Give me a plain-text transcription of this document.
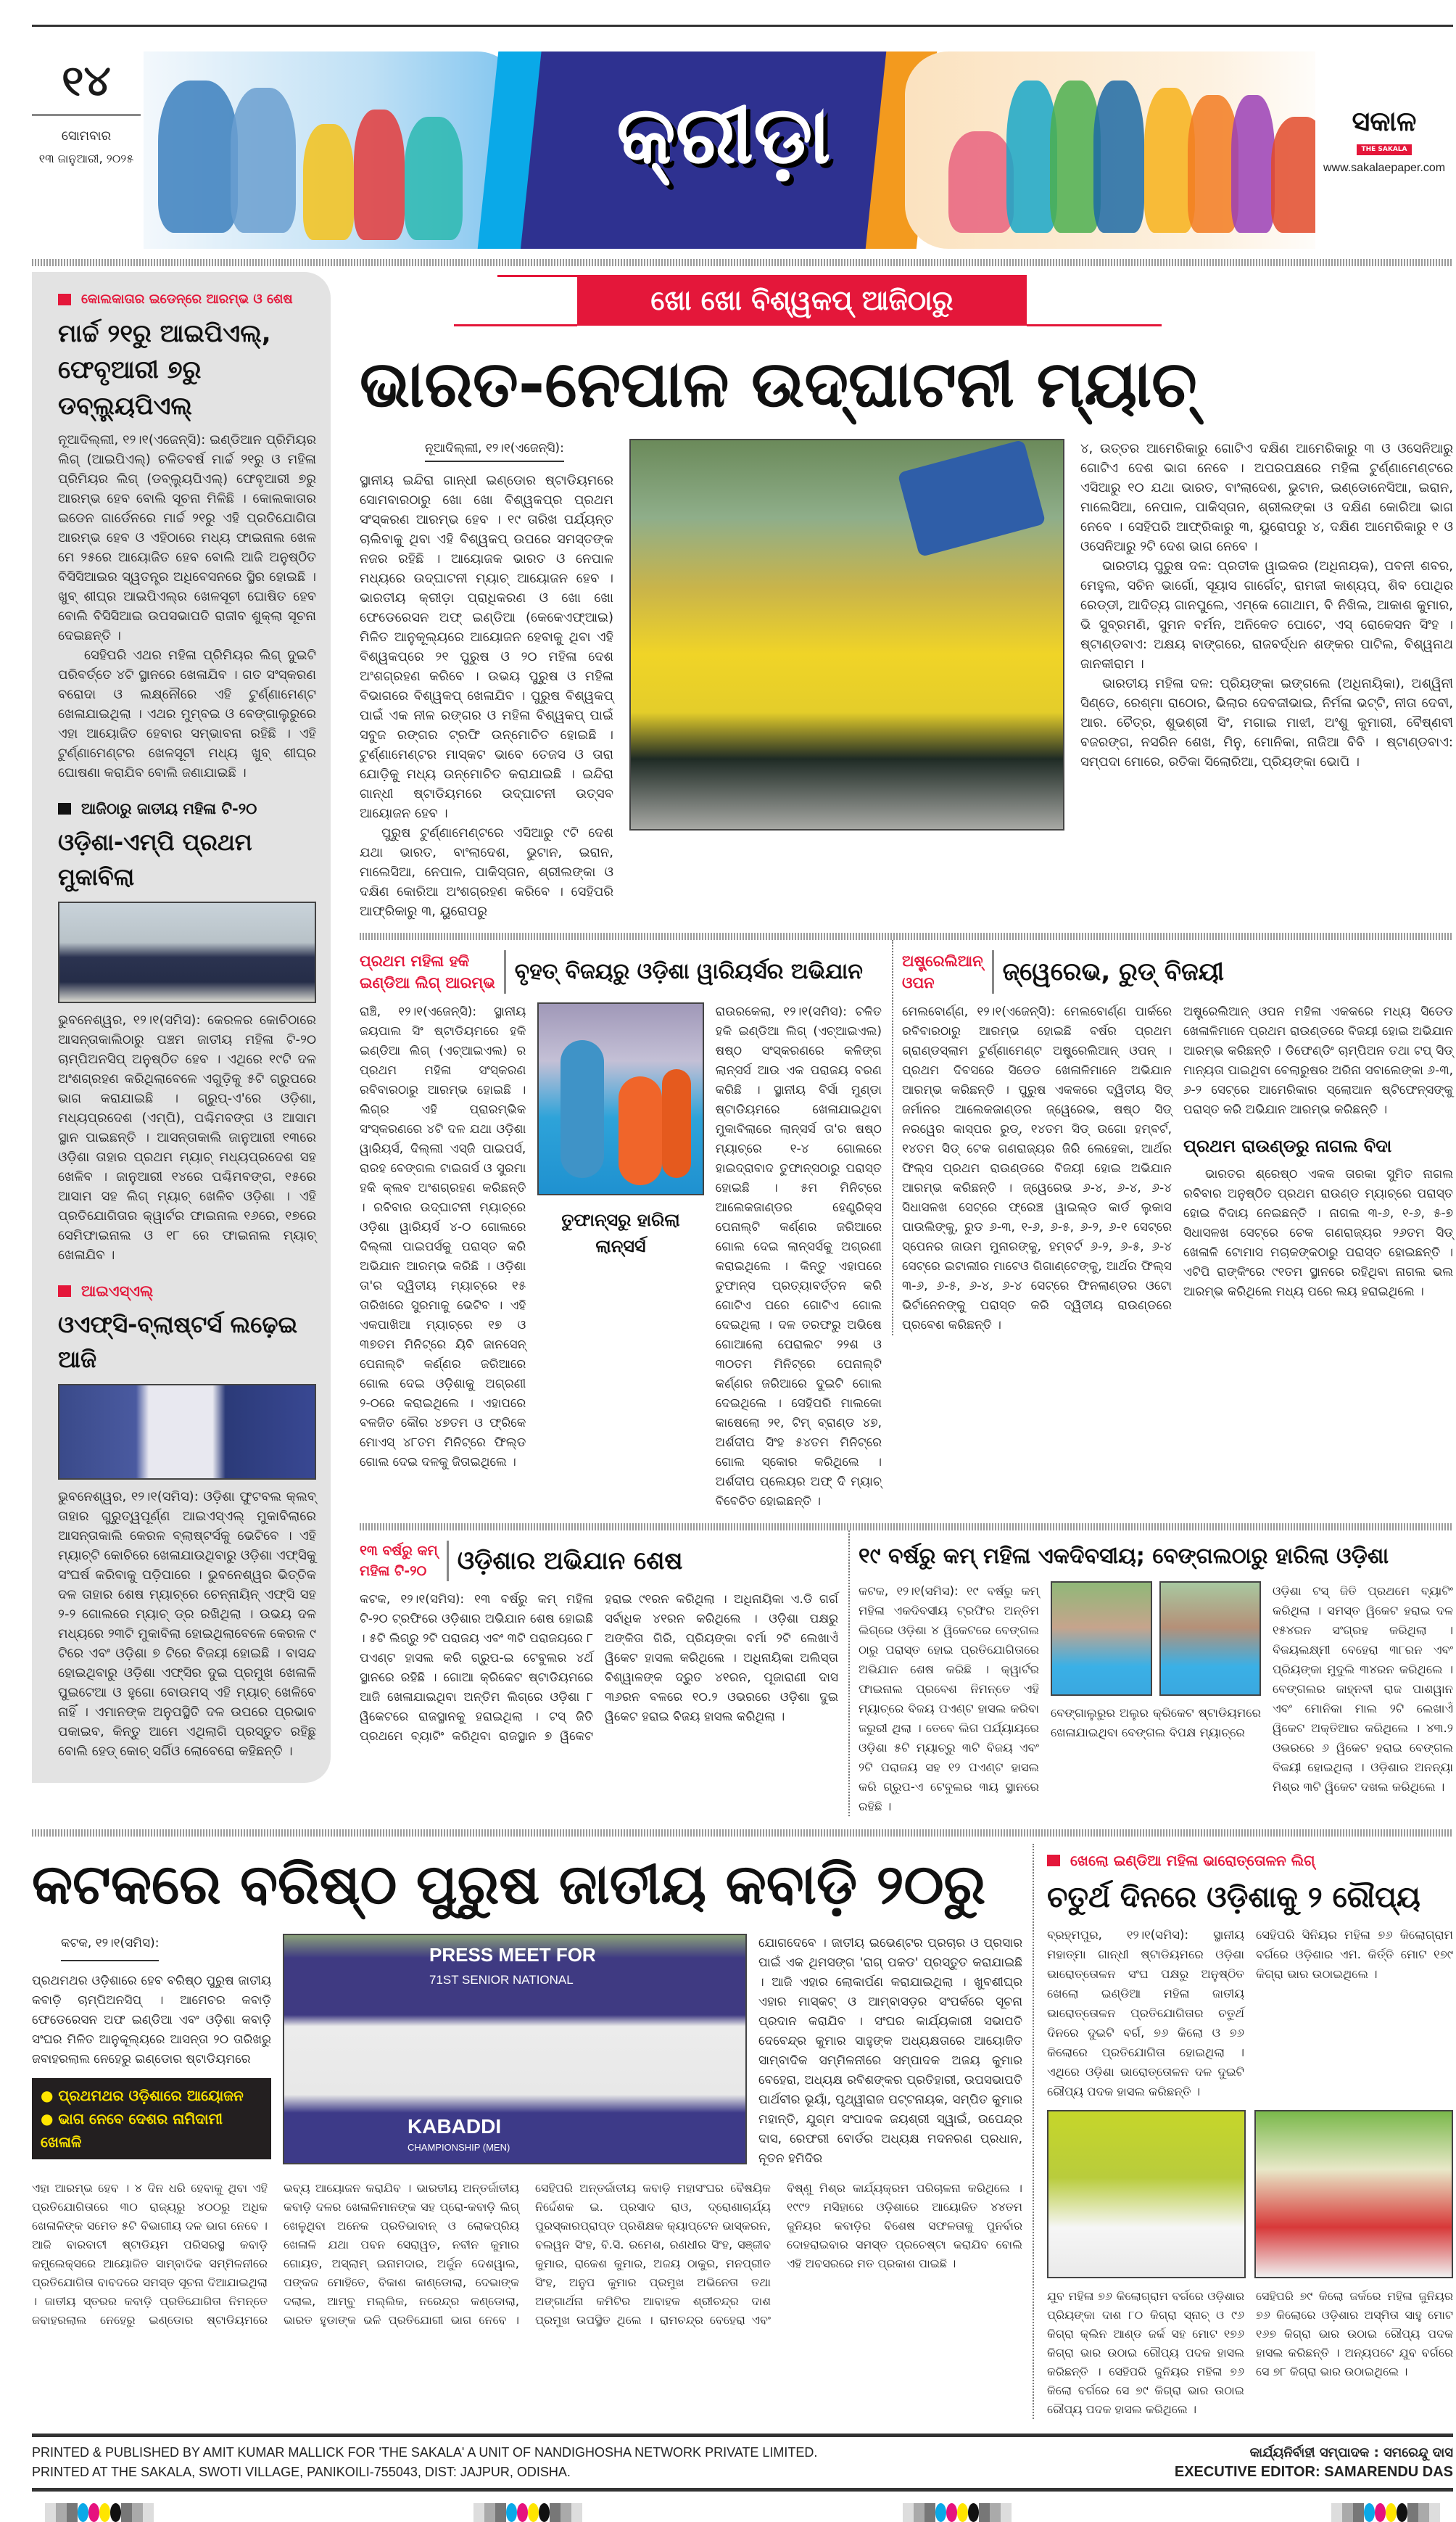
୧୪
ସୋମବାର
୧୩ ଜାନୁଆରୀ, ୨୦୨୫	କ୍ରୀଡ଼ା	ସକାଳ
THE SAKALA
www.sakalaepaper.com
କୋଲକାତାର ଇଡେନ୍‌ରେ ଆରମ୍ଭ ଓ ଶେଷ
ମାର୍ଚ୍ଚ ୨୧ରୁ ଆଇପିଏଲ୍,
ଫେବୃଆରୀ ୭ରୁ ଡବ୍ଲ୍ୟୁପିଏଲ୍
ନୂଆଦିଲ୍ଲୀ, ୧୨।୧(ଏଜେନ୍ସି): ଇଣ୍ଡିଆନ ପ୍ରିମିୟର ଲିଗ୍ (ଆଇପିଏଲ୍) ଚଳିତବର୍ଷ ମାର୍ଚ୍ଚ ୨୧ରୁ ଓ ମହିଳା ପ୍ରିମିୟର ଲିଗ୍ (ଡବ୍ଲ୍ୟୁପିଏଲ୍) ଫେବୃଆରୀ ୭ରୁ ଆରମ୍ଭ ହେବ ବୋଲି ସୂଚନା ମିଳିଛି । କୋଲକାତାର ଇଡେନ ଗାର୍ଡେନରେ ମାର୍ଚ୍ଚ ୨୧ରୁ ଏହି ପ୍ରତିଯୋଗିତା ଆରମ୍ଭ ହେବ ଓ ଏହିଠାରେ ମଧ୍ୟ ଫାଇନାଲ ଖେଳ ମେ ୨୫ରେ ଆୟୋଜିତ ହେବ ବୋଲି ଆଜି ଅନୁଷ୍ଠିତ ବିସିସିଆଇର ସ୍ୱତନ୍ତ୍ର ଅଧିବେସନରେ ସ୍ଥିର ହୋଇଛି । ଖୁବ୍ ଶୀଘ୍ର ଆଇପିଏଲ୍‌ର ଖେଳସୂଚୀ ଘୋଷିତ ହେବ ବୋଲି ବିସିସିଆଇ ଉପସଭାପତି ରାଜୀବ ଶୁକ୍ଲା ସୂଚନା ଦେଇଛନ୍ତି ।
ସେହିପରି ଏଥର ମହିଳା ପ୍ରିମିୟର ଲିଗ୍ ଦୁଇଟି ପରିବର୍ତ୍ତେ ୪ଟି ସ୍ଥାନରେ ଖେଳାଯିବ । ଗତ ସଂସ୍କରଣ ବରୋଦା ଓ ଲକ୍ଷ୍ନୌରେ ଏହି ଟୁର୍ଣ୍ଣାମେଣ୍ଟ ଖେଳାଯାଇଥିଲା । ଏଥର ମୁମ୍ବଇ ଓ ବେଙ୍ଗାଲୁରୁରେ ଏହା ଆୟୋଜିତ ହେବାର ସମ୍ଭାବନା ରହିଛି । ଏହି ଟୁର୍ଣ୍ଣାମେଣ୍ଟର ଖେଳସୂଚୀ ମଧ୍ୟ ଖୁବ୍ ଶୀଘ୍ର ଘୋଷଣା କରାଯିବ ବୋଲି ଜଣାଯାଇଛି ।
ଆଜିଠାରୁ ଜାତୀୟ ମହିଳା ଟି-୨୦
ଓଡ଼ିଶା-ଏମ୍‌ପି ପ୍ରଥମ ମୁକାବିଲା
ଭୁବନେଶ୍ୱର, ୧୨।୧(ସମିସ): କେରଳର କୋଚିଠାରେ ଆସନ୍ତାକାଲିଠାରୁ ପଞ୍ଚମ ଜାତୀୟ ମହିଳା ଟି-୨୦ ଚାମ୍ପିଅନସିପ୍ ଅନୁଷ୍ଠିତ ହେବ । ଏଥିରେ ୧୯ଟି ଦଳ ଅଂଶଗ୍ରହଣ କରିଥିଲାବେଳେ ଏଗୁଡ଼ିକୁ ୫ଟି ଗ୍ରୁପରେ ଭାଗ କରାଯାଇଛି । ଗ୍ରୁପ୍-ଏ'ରେ ଓଡ଼ିଶା, ମଧ୍ୟପ୍ରଦେଶ (ଏମ୍‌ପି), ପଶ୍ଚିମବଙ୍ଗ ଓ ଆସାମ ସ୍ଥାନ ପାଇଛନ୍ତି । ଆସନ୍ତାକାଲି ଜାନୁଆରୀ ୧୩ରେ ଓଡ଼ିଶା ତାହାର ପ୍ରଥମ ମ୍ୟାଚ୍ ମଧ୍ୟପ୍ରଦେଶ ସହ ଖେଳିବ । ଜାନୁଆରୀ ୧୪ରେ ପଶ୍ଚିମବଙ୍ଗ, ୧୫ରେ ଆସାମ ସହ ଲିଗ୍ ମ୍ୟାଚ୍ ଖେଳିବ ଓଡ଼ିଶା । ଏହି ପ୍ରତିଯୋଗିତାର କ୍ୱାର୍ଟର ଫାଇନାଲ ୧୬ରେ, ୧୭ରେ ସେମିଫାଇନାଲ ଓ ୧୮ ରେ ଫାଇନାଲ ମ୍ୟାଚ୍ ଖେଳାଯିବ ।
ଆଇଏସ୍‌ଏଲ୍
ଓଏଫ୍‌ସି-ବ୍ଲାଷ୍ଟର୍ସ ଲଢ଼େଇ ଆଜି
ଭୁବନେଶ୍ୱର, ୧୨।୧(ସମିସ): ଓଡ଼ିଶା ଫୁଟବଲ କ୍ଲବ୍ ତାହାର ଗୁରୁତ୍ୱପୂର୍ଣ୍ଣ ଆଇଏସ୍‌ଏଲ୍ ମୁକାବିଲାରେ ଆସନ୍ତାକାଲି କେରଳ ବ୍ଲାଷ୍ଟର୍ସକୁ ଭେଟିବେ । ଏହି ମ୍ୟାଚ୍‌ଟି କୋଚିରେ ଖେଳାଯାଉଥିବାରୁ ଓଡ଼ିଶା ଏଫ୍‌ସିକୁ ସଂଘର୍ଷ କରିବାକୁ ପଡ଼ିପାରେ । ଭୁବନେଶ୍ୱର ଭିତ୍ତିକ ଦଳ ତାହାର ଶେଷ ମ୍ୟାଚ୍‌ରେ ଚେନ୍ନାୟିନ୍ ଏଫ୍‌ସି ସହ ୨-୨ ଗୋଲରେ ମ୍ୟାଚ୍ ଡ୍ର ରଖିଥିଲା । ଉଭୟ ଦଳ ମଧ୍ୟରେ ୨୩ଟି ମୁକାବିଲା ହୋଇଥିଲାବେଳେ କେରଳ ୯ ଟିରେ ଏବଂ ଓଡ଼ିଶା ୭ ଟିରେ ବିଜୟୀ ହୋଇଛି । ବାସନ୍ଦ ହୋଇଥିବାରୁ ଓଡ଼ିଶା ଏଫ୍‌ସିର ଦୁଇ ପ୍ରମୁଖ ଖେଳାଳି ପୁଇଟେଆ ଓ ହୁଗୋ ବୋଉମସ୍ ଏହି ମ୍ୟାଚ୍ ଖେଳିବେ ନାହିଁ । ଏମାନଙ୍କ ଅନୁପସ୍ଥିତି ଦଳ ଉପରେ ପ୍ରଭାବ ପକାଇବ, କିନ୍ତୁ ଆମେ ଏଥିଲାଗି ପ୍ରସ୍ତୁତ ରହିଛୁ ବୋଲି ହେଡ୍ କୋଚ୍ ସର୍ଗିଓ ଲୋବେରୋ କହିଛନ୍ତି ।
ଖୋ ଖୋ ବିଶ୍ୱକପ୍ ଆଜିଠାରୁ
ଭାରତ-ନେପାଳ ଉଦ୍‌ଘାଟନୀ ମ୍ୟାଚ୍
ନୂଆଦିଲ୍ଲୀ, ୧୨।୧(ଏଜେନ୍ସି):
ସ୍ଥାନୀୟ ଇନ୍ଦିରା ଗାନ୍ଧୀ ଇଣ୍ଡୋର ଷ୍ଟାଡିୟମରେ ସୋମବାରଠାରୁ ଖୋ ଖୋ ବିଶ୍ୱକପ୍‌ର ପ୍ରଥମ ସଂସ୍କରଣ ଆରମ୍ଭ ହେବ । ୧୯ ତାରିଖ ପର୍ଯ୍ୟନ୍ତ ଚାଲିବାକୁ ଥିବା ଏହି ବିଶ୍ୱକପ୍ ଉପରେ ସମସ୍ତଙ୍କ ନଜର ରହିଛି । ଆୟୋଜକ ଭାରତ ଓ ନେପାଳ ମଧ୍ୟରେ ଉଦ୍‌ଘାଟନୀ ମ୍ୟାଚ୍ ଆୟୋଜନ ହେବ । ଭାରତୀୟ କ୍ରୀଡ଼ା ପ୍ରାଧିକରଣ ଓ ଖୋ ଖୋ ଫେଡେରେସନ ଅଫ୍ ଇଣ୍ଡିଆ (କେକେଏଫ୍‌ଆଇ) ମିଳିତ ଆନୁକୂଲ୍ୟରେ ଆୟୋଜନ ହେବାକୁ ଥିବା ଏହି ବିଶ୍ୱକପ୍‌ରେ ୨୧ ପୁରୁଷ ଓ ୨୦ ମହିଳା ଦେଶ ଅଂଶଗ୍ରହଣ କରିବେ । ଉଭୟ ପୁରୁଷ ଓ ମହିଳା ବିଭାଗରେ ବିଶ୍ୱକପ୍ ଖେଳାଯିବ । ପୁରୁଷ ବିଶ୍ୱକପ୍ ପାଇଁ ଏକ ନୀଳ ରଙ୍ଗର ଓ ମହିଳା ବିଶ୍ୱକପ୍ ପାଇଁ ସବୁଜ ରଙ୍ଗର ଟ୍ରଫି ଉନ୍ମୋଚିତ ହୋଇଛି । ଟୁର୍ଣ୍ଣାମେଣ୍ଟର ମାସ୍କଟ ଭାବେ ତେଜସ ଓ ତାରା ଯୋଡ଼ିକୁ ମଧ୍ୟ ଉନ୍ମୋଚିତ କରାଯାଇଛି । ଇନ୍ଦିରା ଗାନ୍ଧୀ ଷ୍ଟାଡିୟମରେ ଉଦ୍‌ଘାଟନୀ ଉତ୍ସବ ଆୟୋଜନ ହେବ ।
ପୁରୁଷ ଟୁର୍ଣ୍ଣାମେଣ୍ଟରେ ଏସିଆରୁ ୯ଟି ଦେଶ ଯଥା ଭାରତ, ବାଂଲାଦେଶ, ଭୁଟାନ, ଇରାନ, ମାଲେସିଆ, ନେପାଳ, ପାକିସ୍ତାନ, ଶ୍ରୀଲଙ୍କା ଓ ଦକ୍ଷିଣ କୋରିଆ ଅଂଶଗ୍ରହଣ କରିବେ । ସେହିପରି ଆଫ୍ରିକାରୁ ୩, ୟୁରୋପରୁ
୪, ଉତ୍ତର ଆମେରିକାରୁ ଗୋଟିଏ ଦକ୍ଷିଣ ଆମେରିକାରୁ ୩ ଓ ଓସେନିଆରୁ ଗୋଟିଏ ଦେଶ ଭାଗ ନେବେ । ଅପରପକ୍ଷରେ ମହିଳା ଟୁର୍ଣ୍ଣାମେଣ୍ଟରେ ଏସିଆରୁ ୧୦ ଯଥା ଭାରତ, ବାଂଲାଦେଶ, ଭୁଟାନ, ଇଣ୍ଡୋନେସିଆ, ଇରାନ, ମାଲେସିଆ, ନେପାଳ, ପାକିସ୍ତାନ, ଶ୍ରୀଲଙ୍କା ଓ ଦକ୍ଷିଣ କୋରିଆ ଭାଗ ନେବେ । ସେହିପରି ଆଫ୍ରିକାରୁ ୩, ୟୁରୋପରୁ ୪, ଦକ୍ଷିଣ ଆମେରିକାରୁ ୧ ଓ ଓସେନିଆରୁ ୨ଟି ଦେଶ ଭାଗ ନେବେ ।
ଭାରତୀୟ ପୁରୁଷ ଦଳ: ପ୍ରତୀକ ୱାଇକର (ଅଧିନାୟକ), ପବନୀ ଶବର, ମେହୁଲ, ସଚିନ ଭାର୍ଗୋ, ସୂୟାସ ଗାର୍ଗେଟ୍, ରାମଜୀ କାଶ୍ୟପ୍, ଶିବ ପୋଥିର ରେଡ୍ଡୀ, ଆଦିତ୍ୟ ଗାନପୁଲେ, ଏମ୍‌କେ ଗୋଥାମ, ବି ନିଖିଲ, ଆକାଶ କୁମାର, ଭି ସୁବ୍ରମଣି, ସୁମନ ବର୍ମନ, ଅନିକେତ ପୋଟେ, ଏସ୍ ରୋକେସନ ସିଂହ । ଷ୍ଟାଣ୍ଡବାଏ: ଅକ୍ଷୟ ବାଙ୍ଗରେ, ରାଜବର୍ଦ୍ଧନ ଶଙ୍କର ପାଟିଲ, ବିଶ୍ୱନାଥ ଜାନକୀରାମ ।
ଭାରତୀୟ ମହିଳା ଦଳ: ପ୍ରିୟଙ୍କା ଇଙ୍ଗଲେ (ଅଧିନାୟିକା), ଅଶ୍ୱିନୀ ସିଣ୍ଡେ, ରେଶ୍ମା ରାଠୋର, ଭିଲାର ଦେବଜୀଭାଇ, ନିର୍ମଳା ଭଟ୍ଟି, ନୀତା ଦେବୀ, ଆର. ଚୈତ୍ର, ଶୁଭଶ୍ରୀ ସିଂ, ମଗାଇ ମାଝୀ, ଅଂଶୁ କୁମାରୀ, ବୈଷ୍ଣବୀ ବଜରଙ୍ଗ, ନସରିନ ଶେଖ, ମିନୁ, ମୋନିକା, ନାଜିଆ ବିବି । ଷ୍ଟାଣ୍ଡବାଏ: ସମ୍ପଦା ମୋରେ, ରତିକା ସିଲୋରିଆ, ପ୍ରିୟଙ୍କା ଭୋପି ।
ପ୍ରଥମ ମହିଳା ହକି
ଇଣ୍ଡିଆ ଲିଗ୍ ଆରମ୍ଭ ବୃହତ୍ ବିଜୟରୁ ଓଡ଼ିଶା ୱାରିୟର୍ସର ଅଭିଯାନ
ରାଞ୍ଚି, ୧୨।୧(ଏଜେନ୍ସି): ସ୍ଥାନୀୟ ଜୟପାଲ ସିଂ ଷ୍ଟାଡିୟମରେ ହକି ଇଣ୍ଡିଆ ଲିଗ୍ (ଏଚ୍‌ଆଇଏଲ) ର ପ୍ରଥମ ମହିଳା ସଂସ୍କରଣ ରବିବାରଠାରୁ ଆରମ୍ଭ ହୋଇଛି । ଲିଗ୍‌ର ଏହି ପ୍ରାରମ୍ଭିକ ସଂସ୍କରଣରେ ୪ଟି ଦଳ ଯଥା ଓଡ଼ିଶା ୱାରିୟର୍ସ, ଦିଲ୍ଲୀ ଏସ୍‌ଜି ପାଇପର୍ସ, ରାରହ ବେଙ୍ଗଲ ଟାଇଗର୍ସ ଓ ସୁରମା ହକି କ୍ଲବ ଅଂଶଗ୍ରହଣ କରିଛନ୍ତି । ରବିବାର ଉଦ୍‌ଘାଟନୀ ମ୍ୟାଚ୍‌ରେ ଓଡ଼ିଶା ୱାରିୟର୍ସ ୪-୦ ଗୋଲରେ ଦିଲ୍ଲୀ ପାଇପର୍ସକୁ ପରାସ୍ତ କରି ଅଭିଯାନ ଆରମ୍ଭ କରିଛି । ଓଡ଼ିଶା ତା'ର ଦ୍ୱିତୀୟ ମ୍ୟାଚ୍‌ରେ ୧୫ ତାରିଖରେ ସୁରମାକୁ ଭେଟିବ । ଏହି ଏକପାଖିଆ ମ୍ୟାଚ୍‌ରେ ୧୭ ଓ ୩୭ତମ ମିନିଟ୍‌ରେ ୟିବି ଜାନସେନ୍ ପେନାଲ୍ଟି କର୍ଣ୍ଣର ଜରିଆରେ ଗୋଲ ଦେଇ ଓଡ଼ିଶାକୁ ଅଗ୍ରଣୀ ୨-୦ରେ କରାଇଥିଲେ । ଏହାପରେ ବଳଜିତ କୌର ୪୭ତମ ଓ ଫ୍ରିକେ ମୋଏସ୍ ୪୮ତମ ମିନିଟ୍‌ରେ ଫିଲ୍ଡ ଗୋଲ ଦେଇ ଦଳକୁ ଜିତାଇଥିଲେ ।
ତୁଫାନ୍ସରୁ ହାରିଲା ଲାନ୍ସର୍ସ
ରାଉରକେଲା, ୧୨।୧(ସମିସ): ଚଳିତ ହକି ଇଣ୍ଡିଆ ଲିଗ୍ (ଏଚ୍‌ଆଇଏଲ) ଷଷ୍ଠ ସଂସ୍କରଣରେ କଳିଙ୍ଗ ଲାନ୍ସର୍ସ ଆଉ ଏକ ପରାଜୟ ବରଣ କରିଛି । ସ୍ଥାନୀୟ ବିର୍ସା ମୁଣ୍ଡା ଷ୍ଟାଡିୟମରେ ଖେଳାଯାଇଥିବା ମୁକାବିଲାରେ ଲାନ୍ସର୍ସ ତା'ର ଷଷ୍ଠ ମ୍ୟାଚ୍‌ରେ ୧-୪ ଗୋଲରେ ହାଇଦ୍ରାବାଦ ତୁଫାନ୍ସଠାରୁ ପରାସ୍ତ ହୋଇଛି । ୫ମ ମିନିଟ୍‌ରେ ଆଲେକଜାଣ୍ଡର ହେଣ୍ଡ୍ରିକ୍ସ ପେନାଲ୍ଟି କର୍ଣ୍ଣର ଜରିଆରେ ଗୋଲ ଦେଇ ଲାନ୍ସର୍ସକୁ ଅଗ୍ରଣୀ କରାଇଥିଲେ । କିନ୍ତୁ ଏହାପରେ ତୁଫାନ୍ସ ପ୍ରତ୍ୟାବର୍ତ୍ତନ କରି ଗୋଟିଏ ପରେ ଗୋଟିଏ ଗୋଲ ଦେଇଥିଲା । ଦଳ ତରଫରୁ ଅଭିଷେ ଗୋଆଲୋ ପେରାଲଟ ୨୨ଶ ଓ ୩୦ତମ ମିନିଟ୍‌ରେ ପେନାଲ୍ଟି କର୍ଣ୍ଣର ଜରିଆରେ ଦୁଇଟି ଗୋଲ ଦେଇଥିଲେ । ସେହିପରି ମାଲକୋ କାଷେଲୋ ୨୧, ଟିମ୍ ବ୍ରାଣ୍ଡ ୪୭, ଅର୍ଶଦୀପ ସିଂହ ୫୪ତମ ମିନିଟ୍‌ରେ ଗୋଲ ସ୍କୋର କରିଥିଲେ । ଅର୍ଶଦୀପ ପ୍ଲେୟର ଅଫ୍ ଦି ମ୍ୟାଚ୍ ବିବେଚିତ ହୋଇଛନ୍ତି ।
ଅଷ୍ଟ୍ରେଲିଆନ୍
ଓପନ	ଜ୍ୱେରେଭ, ରୁଡ୍ ବିଜୟୀ
ମେଲବୋର୍ଣ୍ଣ, ୧୨।୧(ଏଜେନ୍ସି): ମେଲବୋର୍ଣ୍ଣ ପାର୍କରେ ରବିବାରଠାରୁ ଆରମ୍ଭ ହୋଇଛି ବର୍ଷର ପ୍ରଥମ ଗ୍ରାଣ୍ଡସ୍ଲାମ ଟୁର୍ଣ୍ଣାମେଣ୍ଟ ଅଷ୍ଟ୍ରେଲିଆନ୍ ଓପନ୍ । ପ୍ରଥମ ଦିବସରେ ସିଡେଡ ଖେଳାଳିମାନେ ଅଭିଯାନ ଆରମ୍ଭ କରିଛନ୍ତି । ପୁରୁଷ ଏକକରେ ଦ୍ୱିତୀୟ ସିଡ୍ ଜର୍ମାନର ଆଲେକଜାଣ୍ଡର ଜ୍ୱେରେଭ, ଷଷ୍ଠ ସିଡ୍ ନରୱେର କାସ୍ପର ରୁଡ୍, ୧୪ତମ ସିଡ୍ ଉଗୋ ହମ୍ବର୍ଟ, ୧୪ତମ ସିଡ୍ ଟେକ ଗଣରାଜ୍ୟର ଜିରି ଲେହେକା, ଆର୍ଥର ଫିଲ୍ସ ପ୍ରଥମ ରାଉଣ୍ଡରେ ବିଜୟୀ ହୋଇ ଅଭିଯାନ ଆରମ୍ଭ କରିଛନ୍ତି । ଜ୍ୱେରେଭ ୬-୪, ୬-୪, ୬-୪ ସିଧାସଳଖ ସେଟ୍‌ରେ ଫ୍ରେଞ୍ଚ ୱାଇଲ୍ଡ କାର୍ଡ ଲୁକାସ ପାଉଲିଙ୍କୁ, ରୁଡ ୬-୩, ୧-୬, ୬-୫, ୬-୨, ୬-୧ ସେଟ୍‌ରେ ସ୍ପେନର ଜାଉମ ମୁନାରଙ୍କୁ, ହମ୍ବର୍ଟ ୬-୨, ୬-୫, ୬-୪ ସେଟ୍‌ରେ ଇଟାଲୀର ମାଟେଓ ଗିଗାଣ୍ଟେଙ୍କୁ, ଆର୍ଥର ଫିଲ୍ସ ୩-୬, ୬-୫, ୬-୪, ୬-୪ ସେଟ୍‌ରେ ଫିନଲାଣ୍ଡର ଓଟୋ ଭିର୍ଟାନେନଙ୍କୁ ପରାସ୍ତ କରି ଦ୍ୱିତୀୟ ରାଉଣ୍ଡରେ ପ୍ରବେଶ କରିଛନ୍ତି ।
ଅଷ୍ଟ୍ରେଲିଆନ୍ ଓପନ ମହିଳା ଏକକରେ ମଧ୍ୟ ସିଡେଡ ଖେଳାଳିମାନେ ପ୍ରଥମ ରାଉଣ୍ଡରେ ବିଜୟୀ ହୋଇ ଅଭିଯାନ ଆରମ୍ଭ କରିଛନ୍ତି । ଡିଫେଣ୍ଡିଂ ଚାମ୍ପିଅନ ତଥା ଟପ୍ ସିଡ୍ ମାନ୍ୟତା ପାଇଥିବା ବେଲାରୁଷର ଅରିନା ସବାଲେଙ୍କା ୬-୩, ୬-୨ ସେଟ୍‌ରେ ଆମେରିକାର ସ୍ଲୋଆନ ଷ୍ଟିଫେନ୍ସଙ୍କୁ ପରାସ୍ତ କରି ଅଭିଯାନ ଆରମ୍ଭ କରିଛନ୍ତି ।
ପ୍ରଥମ ରାଉଣ୍ଡରୁ ନାଗଲ ବିଦା
ଭାରତର ଶ୍ରେଷ୍ଠ ଏକକ ତାରକା ସୁମିତ ନାଗଲ ରବିବାର ଅନୁଷ୍ଠିତ ପ୍ରଥମ ରାଉଣ୍ଡ ମ୍ୟାଚ୍‌ରେ ପରାସ୍ତ ହୋଇ ବିଦାୟ ନେଇଛନ୍ତି । ନାଗଲ ୩-୬, ୧-୬, ୫-୭ ସିଧାସଳଖ ସେଟ୍‌ରେ ଚେକ ଗଣରାଜ୍ୟର ୨୬ତମ ସିଡ୍ ଖେଳାଳି ଟୋମାସ ମଚାକଙ୍କଠାରୁ ପରାସ୍ତ ହୋଇଛନ୍ତି । ଏଟିପି ରାଙ୍କିଂରେ ୯୧ତମ ସ୍ଥାନରେ ରହିଥିବା ନାଗଲ ଭଲ ଆରମ୍ଭ କରିଥିଲେ ମଧ୍ୟ ପରେ ଲୟ ହରାଇଥିଲେ ।
୧୩ ବର୍ଷରୁ କମ୍
ମହିଳା ଟି-୨୦	ଓଡ଼ିଶାର ଅଭିଯାନ ଶେଷ
କଟକ, ୧୨।୧(ସମିସ): ୧୩ ବର୍ଷରୁ କମ୍ ମହିଳା ଟି-୨୦ ଟ୍ରଫିରେ ଓଡ଼ିଶାର ଅଭିଯାନ ଶେଷ ହୋଇଛି । ୫ଟି ଲିଗ୍‌ରୁ ୨ଟି ପରାଜୟ ଏବଂ ୩ଟି ପରାଜୟରେ ୮ ପଏଣ୍ଟ ହାସଲ କରି ଗ୍ରୁପ-ଇ ଟେବୁଲର ୪ର୍ଥ ସ୍ଥାନରେ ରହିଛି । ଗୋଆ କ୍ରିକେଟ ଷ୍ଟାଡିୟମରେ ଆଜି ଖେଳାଯାଇଥିବା ଅନ୍ତିମ ଲିଗ୍‌ରେ ଓଡ଼ିଶା ୮ ୱିକେଟରେ ରାଜସ୍ଥାନକୁ ହରାଇଥିଲା । ଟସ୍ ଜିତି ପ୍ରଥମେ ବ୍ୟାଟିଂ କରିଥିବା ରାଜସ୍ଥାନ ୭ ୱିକେଟ ହରାଇ ୯୧ରନ କରିଥିଲା । ଅଧିନାୟିକା ଏ.ଡି ଗର୍ଗ ସର୍ବାଧିକ ୪୧ରନ କରିଥିଲେ । ଓଡ଼ିଶା ପକ୍ଷରୁ ଅଙ୍କିତା ଗିରି, ପ୍ରିୟଙ୍କା ବର୍ମା ୨ଟି ଲେଖାଏଁ ୱିକେଟ ହାସଲ କରିଥିଲେ । ଅଧିନାୟିକା ଅଲିସ୍ତା ବିଶ୍ୱାଳଙ୍କ ଦ୍ରୁତ ୪୧ରନ, ପୂଜାରାଣୀ ଦାସ ୩୬ରନ ବଳରେ ୧୦.୨ ଓଭରରେ ଓଡ଼ିଶା ଦୁଇ ୱିକେଟ ହରାଇ ବିଜୟ ହାସଲ କରିଥିଲା ।
୧୯ ବର୍ଷରୁ କମ୍ ମହିଳା ଏକଦିବସୀୟ; ବେଙ୍ଗଲଠାରୁ ହାରିଲା ଓଡ଼ିଶା
କଟକ, ୧୨।୧(ସମିସ): ୧୯ ବର୍ଷରୁ କମ୍ ମହିଳା ଏକଦିବସୀୟ ଟ୍ରଫିର ଅନ୍ତିମ ଲିଗ୍‌ରେ ଓଡ଼ିଶା ୪ ୱିକେଟରେ ବେଙ୍ଗଲ ଠାରୁ ପରାସ୍ତ ହୋଇ ପ୍ରତିଯୋଗିତାରେ ଅଭିଯାନ ଶେଷ କରିଛି । କ୍ୱାର୍ଟର ଫାଇନାଲ ପ୍ରବେଶ ନିମନ୍ତେ ଏହି ମ୍ୟାଚ୍‌ରେ ବିଜୟ ପଏଣ୍ଟ ହାସଲ କରିବା ଜରୁରୀ ଥିଲା । ତେବେ ଲିଗ ପର୍ଯ୍ୟାୟରେ ଓଡ଼ିଶା ୫ଟି ମ୍ୟାଚ୍‌ରୁ ୩ଟି ବିଜୟ ଏବଂ ୨ଟି ପରାଜୟ ସହ ୧୨ ପଏଣ୍ଟ ହାସଲ କରି ଗ୍ରୁପ-ଏ ଟେବୁଲର ୩ୟ ସ୍ଥାନରେ ରହିଛି ।
ବେଙ୍ଗାଲୁରୁର ଅଲୁର କ୍ରିକେଟ ଷ୍ଟାଡିୟମରେ ଖେଳାଯାଇଥିବା ବେଙ୍ଗଲ ବିପକ୍ଷ ମ୍ୟାଚ୍‌ରେ
ଓଡ଼ିଶା ଟସ୍ ଜିତି ପ୍ରଥମେ ବ୍ୟାଟିଂ କରିଥିଲା । ସମସ୍ତ ୱିକେଟ ହରାଇ ଦଳ ୧୫୪ରନ ସଂଗ୍ରହ କରିଥିଲା । ବିଜୟଲକ୍ଷ୍ମୀ ବେହେରା ୩୮ରନ ଏବଂ ପ୍ରିୟଙ୍କା ମୁଦୁଲି ୩୪ରନ କରିଥିଲେ । ବେଙ୍ଗଲର ଜାହ୍ନବୀ ରାଜ ପାଶୱାନ ଏବଂ ମୋନିକା ମାଲ ୨ଟି ଲେଖାଏଁ ୱିକେଟ ଅକ୍ତିଆର କରିଥିଲେ । ୪୩.୨ ଓଭରରେ ୬ ୱିକେଟ ହରାଇ ବେଙ୍ଗଲ ବିଜୟୀ ହୋଇଥିଲା । ଓଡ଼ିଶାର ଅନନ୍ୟା ମିଶ୍ର ୩ଟି ୱିକେଟ ଦଖଲ କରିଥିଲେ ।
କଟକରେ ବରିଷ୍ଠ ପୁରୁଷ ଜାତୀୟ କବାଡ଼ି ୨୦ରୁ
କଟକ, ୧୨।୧(ସମିସ):
ପ୍ରଥମଥର ଓଡ଼ିଶାରେ ହେବ ବରିଷ୍ଠ ପୁରୁଷ ଜାତୀୟ କବାଡ଼ି ଚାମ୍ପିଅନସିପ୍ । ଆମେଚର କବାଡ଼ି ଫେଡେରେସନ ଅଫ ଇଣ୍ଡିଆ ଏବଂ ଓଡ଼ିଶା କବାଡ଼ି ସଂଘର ମିଳିତ ଆନୁକୂଲ୍ୟରେ ଆସନ୍ତା ୨୦ ତାରିଖରୁ ଜବାହରଲାଲ ନେହେରୁ ଇଣ୍ଡୋର ଷ୍ଟାଡିୟମରେ
● ପ୍ରଥମଥର ଓଡ଼ିଶାରେ ଆୟୋଜନ
● ଭାଗ ନେବେ ଦେଶର ନାମିଦାମୀ ଖେଳାଳି
PRESS MEET FOR
71ST SENIOR NATIONAL
KABADDI
CHAMPIONSHIP (MEN)
ଯୋଗଦେବେ । ଜାତୀୟ ଇଭେଣ୍ଟର ପ୍ରଚାର ଓ ପ୍ରସାର ପାଇଁ ଏକ ଥିମସଙ୍ଗ 'ରାଗ୍ ପକଡ' ପ୍ରସ୍ତୁତ କରାଯାଇଛି । ଆଜି ଏହାର ଲୋକାର୍ପଣ କରାଯାଇଥିଲା । ଖୁବଶୀଘ୍ର ଏହାର ମାସ୍କଟ୍ ଓ ଆମ୍ବାସଡ଼ର ସଂପର୍କରେ ସୂଚନା ପ୍ରଦାନ କରାଯିବ । ସଂଘର କାର୍ଯ୍ୟକାରୀ ସଭାପତି ଦେବେନ୍ଦ୍ର କୁମାର ସାହୁଙ୍କ ଅଧ୍ୟକ୍ଷତାରେ ଆୟୋଜିତ ସାମ୍ବାଦିକ ସମ୍ମିଳନୀରେ ସମ୍ପାଦକ ଅଜୟ କୁମାର ବେହେରା, ଅଧ୍ୟକ୍ଷ ରବିଶଙ୍କର ପ୍ରତିହାରୀ, ଉପସଭାପତି ପାର୍ଥବୀର ଭୂୟାଁ, ପୃଥ୍ୱୀରାଜ ପଟ୍ଟନାୟକ, ସମ୍ପିତ କୁମାର ମହାନ୍ତି, ଯୁଗ୍ମ ସଂପାଦକ ଜୟଶ୍ରୀ ସ୍ୱାଇଁ, ଉପେନ୍ଦ୍ର ଦାସ, ରେଫରୀ ବୋର୍ଡର ଅଧ୍ୟକ୍ଷ ମଦନରଣ ପ୍ରଧାନ, ନୂତନ ହମିଦିର
ଏହା ଆରମ୍ଭ ହେବ । ୪ ଦିନ ଧରି ହେବାକୁ ଥିବା ଏହି ପ୍ରତିଯୋଗିତାରେ ୩୦ ରାଜ୍ୟରୁ ୪୦୦ରୁ ଅଧିକ ଖେଳାଳିଙ୍କ ସମେତ ୫ଟି ବିଭାଗୀୟ ଦଳ ଭାଗ ନେବେ । ଆଜି ବାରବାଟୀ ଷ୍ଟାଡିୟମ ପରିସରସ୍ଥ କବାଡ଼ି କମ୍ପ୍ଲେକ୍ସରେ ଆୟୋଜିତ ସାମ୍ବାଦିକ ସମ୍ମିଳନୀରେ ପ୍ରତିଯୋଗିତା ବାବଦରେ ସମସ୍ତ ସୂଚନା ଦିଆଯାଇଥିଲା । ଜାତୀୟ ସ୍ତରର କବାଡ଼ି ପ୍ରତିଯୋଗିତା ନିମନ୍ତେ ଜବାହରଲାଲ ନେହେରୁ ଇଣ୍ଡୋର ଷ୍ଟାଡିୟମରେ ଭବ୍ୟ ଆୟୋଜନ କରାଯିବ । ଭାରତୀୟ ଅନ୍ତର୍ଜାତୀୟ କବାଡ଼ି ଦଳର ଖେଳାଳିମାନଙ୍କ ସହ ପ୍ରୋ-କବାଡ଼ି ଲିଗ୍ ଖେଳୁଥିବା ଅନେକ ପ୍ରତିଭାବାନ୍ ଓ ଲୋକପ୍ରିୟ ଖେଳାଳି ଯଥା ପବନ ସେରାୱତ, ନବୀନ କୁମାର ଗୋୟତ, ଅସ୍ଲାମ୍ ଇନାମଦାର, ଅର୍ଜୁନ ଦେଶୱାଲ, ପଙ୍କଜ ମୋହିତେ, ବିକାଶ କାଣ୍ଡୋଲା, ଦେଭାଙ୍କ ଦଲାଲ, ଆମ୍ବୁ ମଲ୍ଲିକ, ନରେନ୍ଦ୍ର କଣ୍ଡୋଲା, ଭାରତ ହୁଡାଙ୍କ ଭଳି ପ୍ରତିଯୋଗୀ ଭାଗ ନେବେ । ସେହିପରି ଅନ୍ତର୍ଜାତୀୟ କବାଡ଼ି ମହାସଂଘର ବୈଷୟିକ ନିର୍ଦ୍ଦେଶକ ଇ. ପ୍ରସାଦ ରାଓ, ଦ୍ରୋଣାଚାର୍ଯ୍ୟ ପୁରସ୍କାରପ୍ରାପ୍ତ ପ୍ରଶିକ୍ଷକ କ୍ୟାପ୍ଟେନ ଭାସ୍କରନ, ବଲୱନ ସିଂହ, ବି.ସି. ରମେଶ, ରଣଧୀର ସିଂହ, ସଞ୍ଜୀବ କୁମାର, ରାକେଶ କୁମାର, ଅଜୟ ଠାକୁର, ମନପ୍ରୀତ ସିଂହ, ଅନୁପ କୁମାର ପ୍ରମୁଖ ଅଭିନେତା ତଥା ଅଙ୍ଗାର୍ଥନା କମିଟିର ଆବାହକ ଶ୍ରୀଚନ୍ଦ୍ର ଦାଶ ପ୍ରମୁଖ ଉପସ୍ଥିତ ଥିଲେ । ରାମଚନ୍ଦ୍ର ବେହେରା ଏବଂ ବିଷ୍ଣୁ ମିଶ୍ର କାର୍ଯ୍ୟକ୍ରମ ପରିଚାଳନା କରିଥିଲେ । ୧୯୯୨ ମସିହାରେ ଓଡ଼ିଶାରେ ଆୟୋଜିତ ୪୪ତମ ଜୁନିୟର କବାଡ଼ିର ବିଶେଷ ସଫଳତାକୁ ପୁନର୍ବାର ଦୋହରାଇବାର ସମସ୍ତ ପ୍ରଚେଷ୍ଟା କରାଯିବ ବୋଲି ଏହି ଅବସରରେ ମତ ପ୍ରକାଶ ପାଇଛି ।
ଖେଲୋ ଇଣ୍ଡିଆ ମହିଳା ଭାରୋତ୍ତୋଳନ ଲିଗ୍
ଚତୁର୍ଥ ଦିନରେ ଓଡ଼ିଶାକୁ ୨ ରୌପ୍ୟ
ବ୍ରହ୍ମପୁର, ୧୨।୧(ସମିସ): ସ୍ଥାନୀୟ ମହାତ୍ମା ଗାନ୍ଧୀ ଷ୍ଟାଡିୟମରେ ଓଡ଼ିଶା ଭାରୋତ୍ତୋଳନ ସଂଘ ପକ୍ଷରୁ ଅନୁଷ୍ଠିତ ଖେଲୋ ଇଣ୍ଡିଆ ମହିଳା ଜାତୀୟ ଭାରୋତ୍ତୋଳନ ପ୍ରତିଯୋଗିତାର ଚତୁର୍ଥ ଦିନରେ ଦୁଇଟି ବର୍ଗ, ୭୬ କିଲୋ ଓ ୭୬ କିଲୋରେ ପ୍ରତିଯୋଗିତା ହୋଇଥିଲା । ଏଥିରେ ଓଡ଼ିଶା ଭାରୋତ୍ତୋଳନ ଦଳ ଦୁଇଟି ରୌପ୍ୟ ପଦକ ହାସଲ କରିଛନ୍ତି ।
ସେହିପରି ସିନିୟର ମହିଳା ୭୬ କିଲୋଗ୍ରାମ ବର୍ଗରେ ଓଡ଼ିଶାର ଏମ. କିର୍ତ୍ତି ମୋଟ ୧୭୯ କିଗ୍ରା ଭାର ଉଠାଇଥିଲେ ।
ଯୁବ ମହିଳା ୭୬ କିଲୋଗ୍ରାମ ବର୍ଗରେ ଓଡ଼ିଶାର ପ୍ରିୟଙ୍କା ଦାଶ ୮୦ କିଗ୍ରା ସ୍ନାଚ୍ ଓ ୯୬ କିଗ୍ରା କ୍ଲିନ ଆଣ୍ଡ ଜର୍କ ସହ ମୋଟ ୧୭୬ କିଗ୍ରା ଭାର ଉଠାଇ ରୌପ୍ୟ ପଦକ ହାସଲ କରିଛନ୍ତି । ସେହିପରି ଜୁନିୟର ମହିଳା ୭୬ କିଲୋ ବର୍ଗରେ ସେ ୭୯ କିଗ୍ରା ଭାର ଉଠାଇ ରୌପ୍ୟ ପଦକ ହାସଲ କରିଥିଲେ ।
ସେହିପରି ୭୯ କିଲୋ ଜର୍କରେ ମହିଳା ଜୁନିୟର ୭୬ କିଲୋରେ ଓଡ଼ିଶାର ଅସ୍ମିତା ସାହୁ ମୋଟ ୧୬୭ କିଗ୍ରା ଭାର ଉଠାଇ ରୌପ୍ୟ ପଦକ ହାସଲ କରିଛନ୍ତି । ଅନ୍ୟପଟେ ଯୁବ ବର୍ଗରେ ସେ ୭୮ କିଗ୍ରା ଭାର ଉଠାଇଥିଲେ ।
PRINTED & PUBLISHED BY AMIT KUMAR MALLICK FOR 'THE SAKALA' A UNIT OF NANDIGHOSHA NETWORK PRIVATE LIMITED.
PRINTED AT THE SAKALA, SWOTI VILLAGE, PANIKOILI-755043, DIST: JAJPUR, ODISHA.
କାର୍ଯ୍ୟନିର୍ବାହୀ ସମ୍ପାଦକ : ସମରେନ୍ଦୁ ଦାସ
EXECUTIVE EDITOR: SAMARENDU DAS
